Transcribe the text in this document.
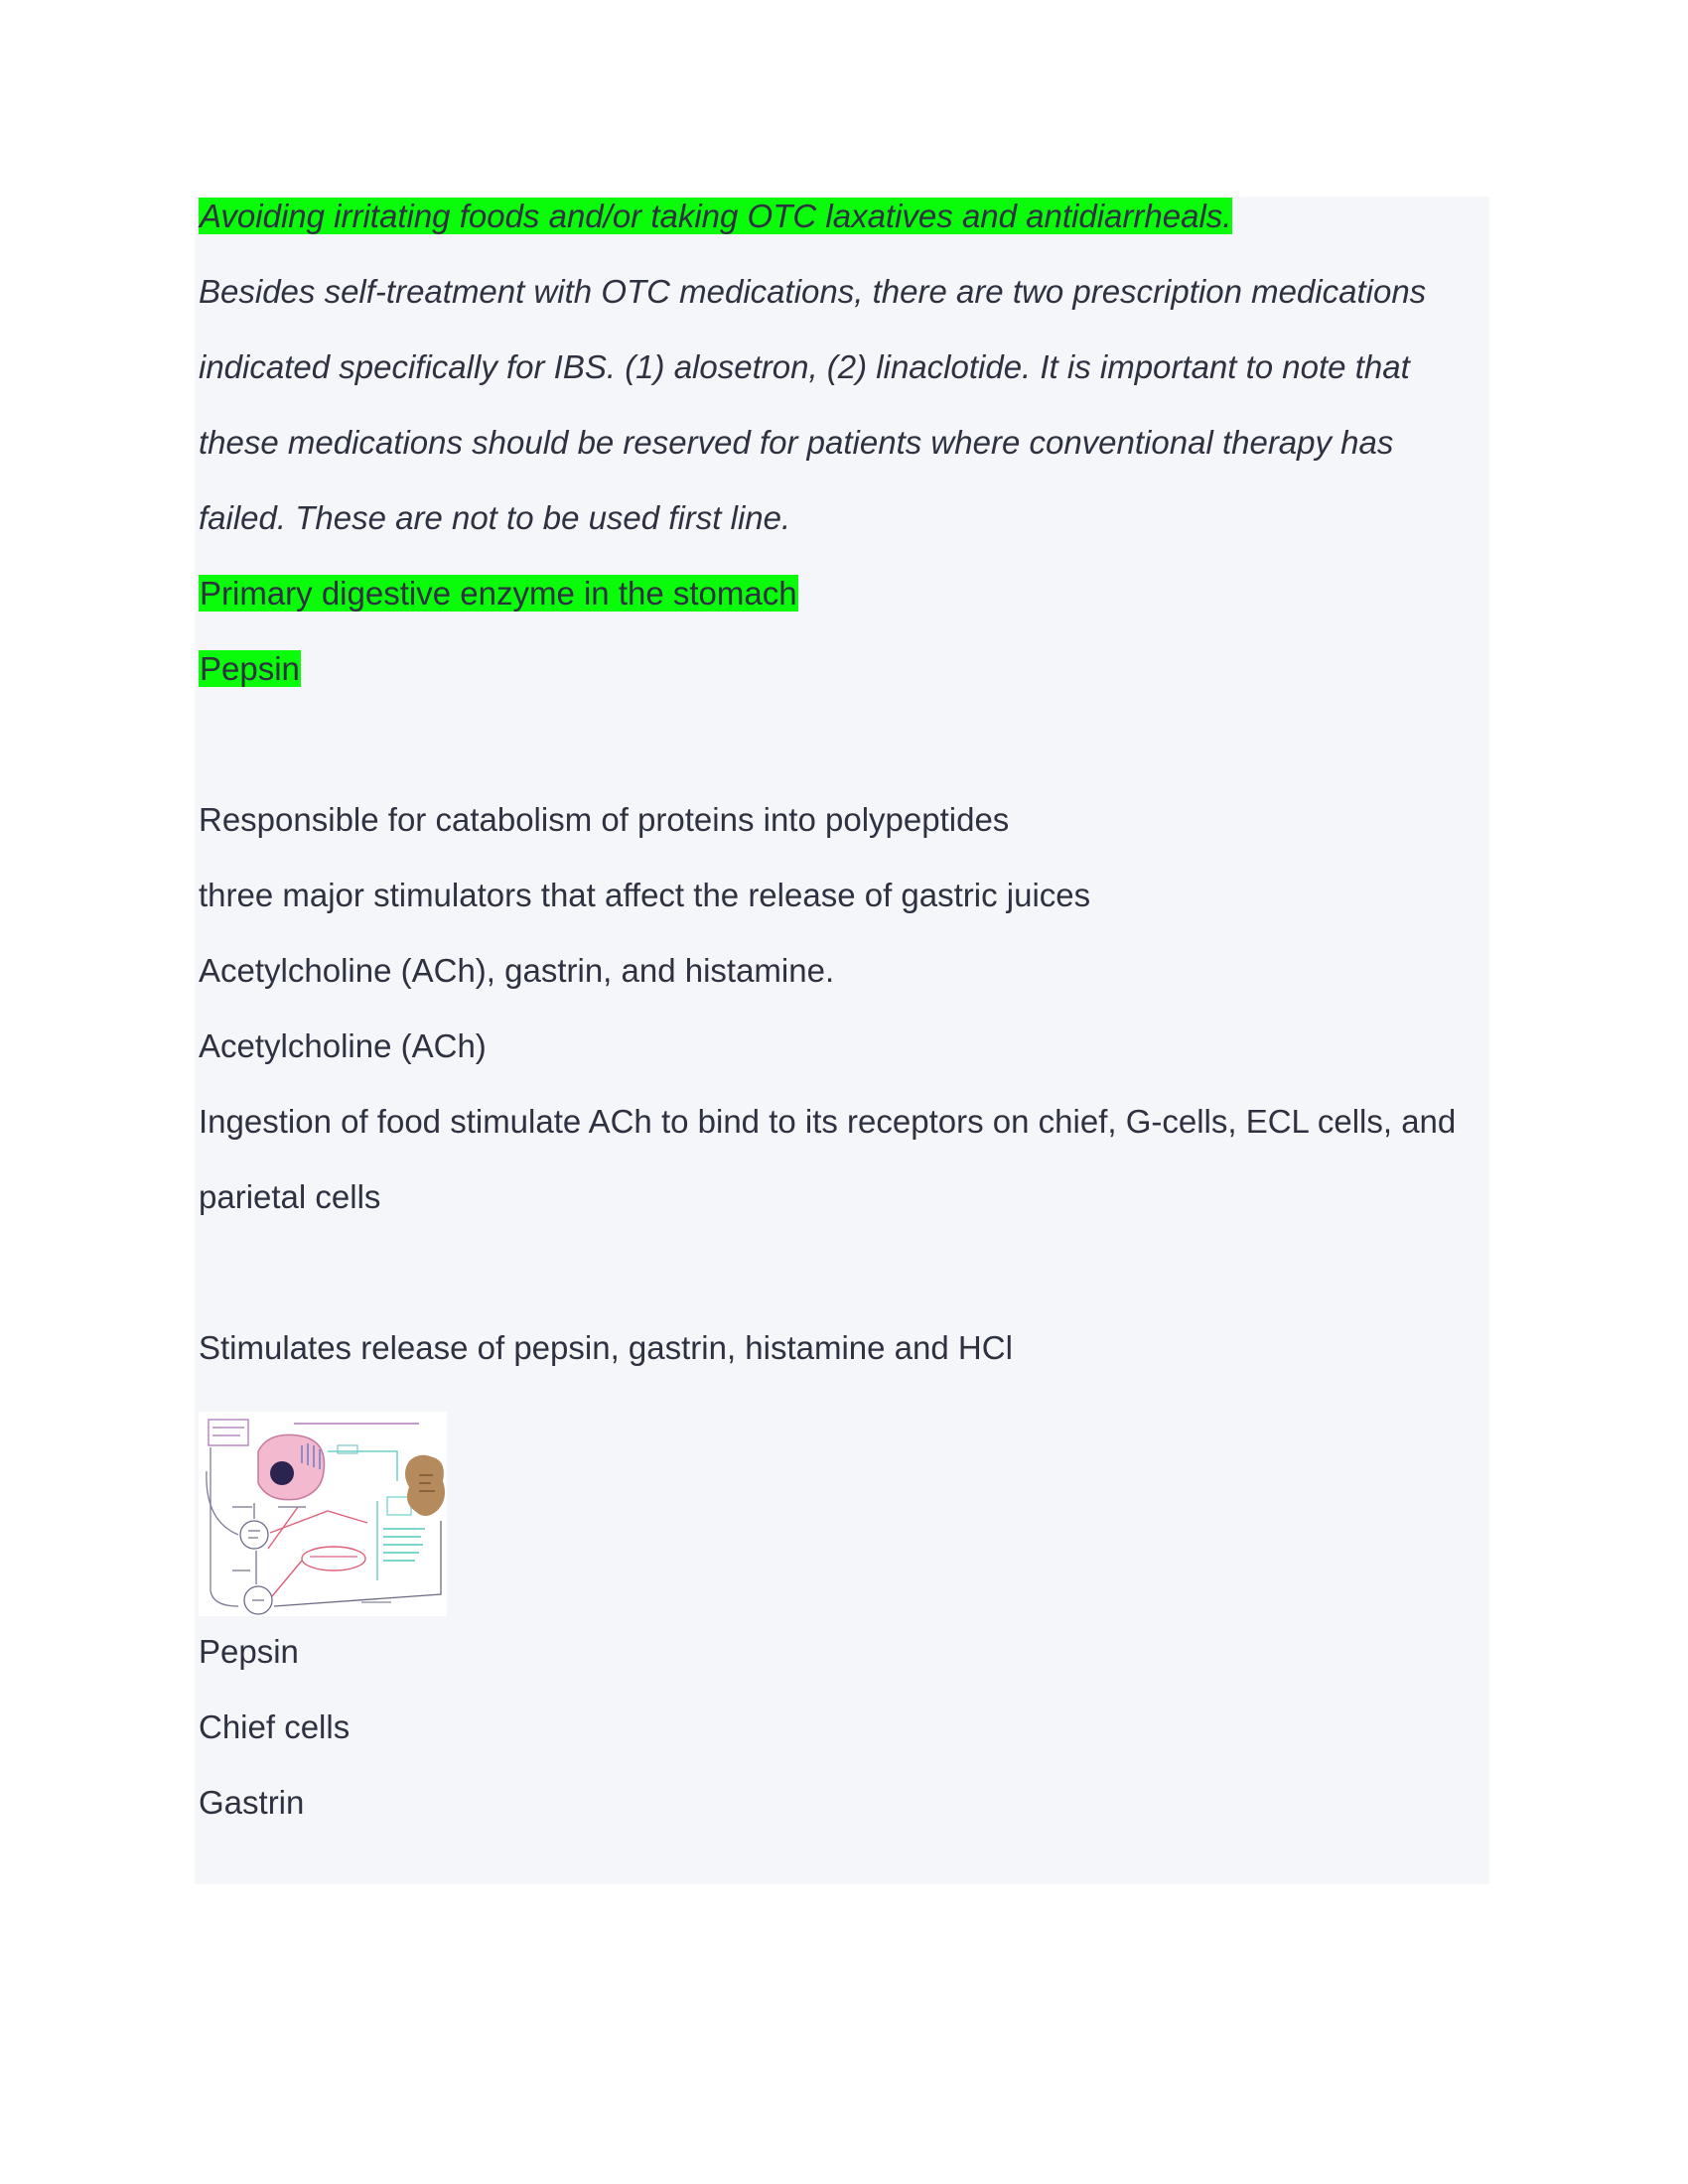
Avoiding irritating foods and/or taking OTC laxatives and antidiarrheals.
Besides self-treatment with OTC medications, there are two prescription medications
indicated specifically for IBS. (1) alosetron, (2) linaclotide. It is important to note that
these medications should be reserved for patients where conventional therapy has
failed. These are not to be used first line.
Primary digestive enzyme in the stomach
Pepsin
Responsible for catabolism of proteins into polypeptides
three major stimulators that affect the release of gastric juices
Acetylcholine (ACh), gastrin, and histamine.
Acetylcholine (ACh)
Ingestion of food stimulate ACh to bind to its receptors on chief, G-cells, ECL cells, and
parietal cells
Stimulates release of pepsin, gastrin, histamine and HCl
Pepsin
Chief cells
Gastrin
